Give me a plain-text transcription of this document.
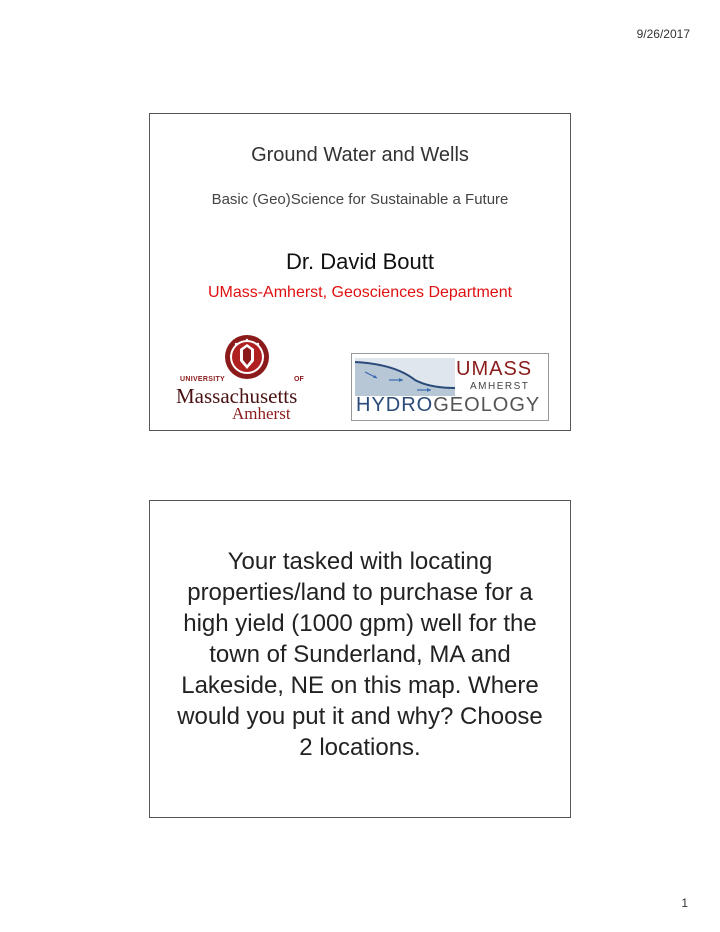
9/26/2017
Ground Water and Wells
Basic (Geo)Science for Sustainable a Future
Dr. David Boutt
UMass-Amherst, Geosciences Department
UNIVERSITY	OF
Massachusetts
Amherst
UMASS
AMHERST
HYDROGEOLOGY
Your tasked with locating properties/land to purchase for a high yield (1000 gpm) well for the town of Sunderland, MA and Lakeside, NE on this map. Where would you put it and why? Choose 2 locations.
1
